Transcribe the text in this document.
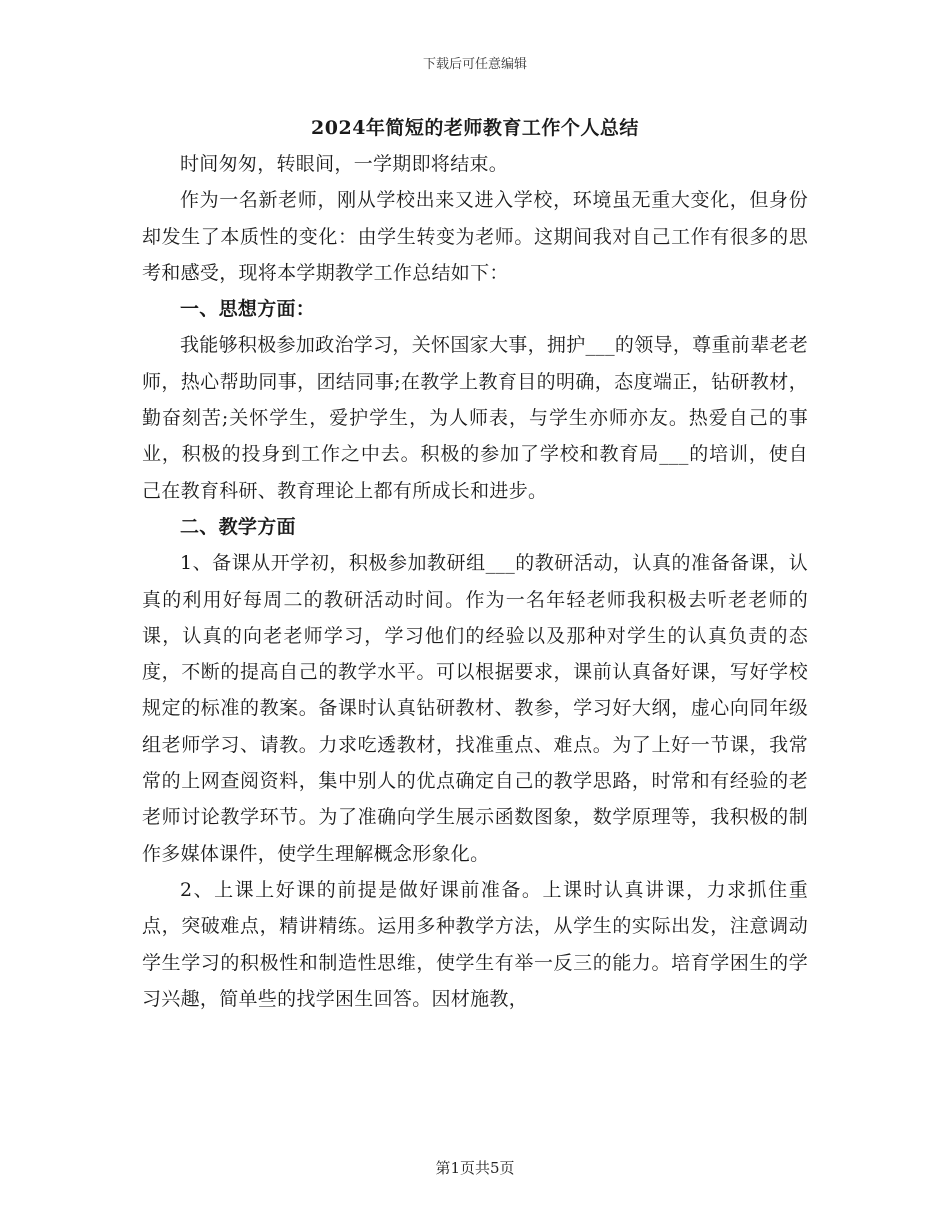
下载后可任意编辑
2024年简短的老师教育工作个人总结

时间匆匆，转眼间，一学期即将结束。

作为一名新老师，刚从学校出来又进入学校，环境虽无重大变化，但身份却发生了本质性的变化：由学生转变为老师。这期间我对自己工作有很多的思考和感受，现将本学期教学工作总结如下：

一、思想方面：

我能够积极参加政治学习，关怀国家大事，拥护___的领导，尊重前辈老老师，热心帮助同事，团结同事;在教学上教育目的明确，态度端正，钻研教材，勤奋刻苦;关怀学生，爱护学生，为人师表，与学生亦师亦友。热爱自己的事业，积极的投身到工作之中去。积极的参加了学校和教育局___的培训，使自己在教育科研、教育理论上都有所成长和进步。

二、教学方面

1、备课从开学初，积极参加教研组___的教研活动，认真的准备备课，认真的利用好每周二的教研活动时间。作为一名年轻老师我积极去听老老师的课，认真的向老老师学习，学习他们的经验以及那种对学生的认真负责的态度，不断的提高自己的教学水平。可以根据要求，课前认真备好课，写好学校规定的标准的教案。备课时认真钻研教材、教参，学习好大纲，虚心向同年级组老师学习、请教。力求吃透教材，找准重点、难点。为了上好一节课，我常常的上网查阅资料，集中别人的优点确定自己的教学思路，时常和有经验的老老师讨论教学环节。为了准确向学生展示函数图象，数学原理等，我积极的制作多媒体课件，使学生理解概念形象化。

2、上课上好课的前提是做好课前准备。上课时认真讲课，力求抓住重点，突破难点，精讲精练。运用多种教学方法，从学生的实际出发，注意调动学生学习的积极性和制造性思维，使学生有举一反三的能力。培育学困生的学习兴趣，简单些的找学困生回答。因材施教，

第1页共5页
